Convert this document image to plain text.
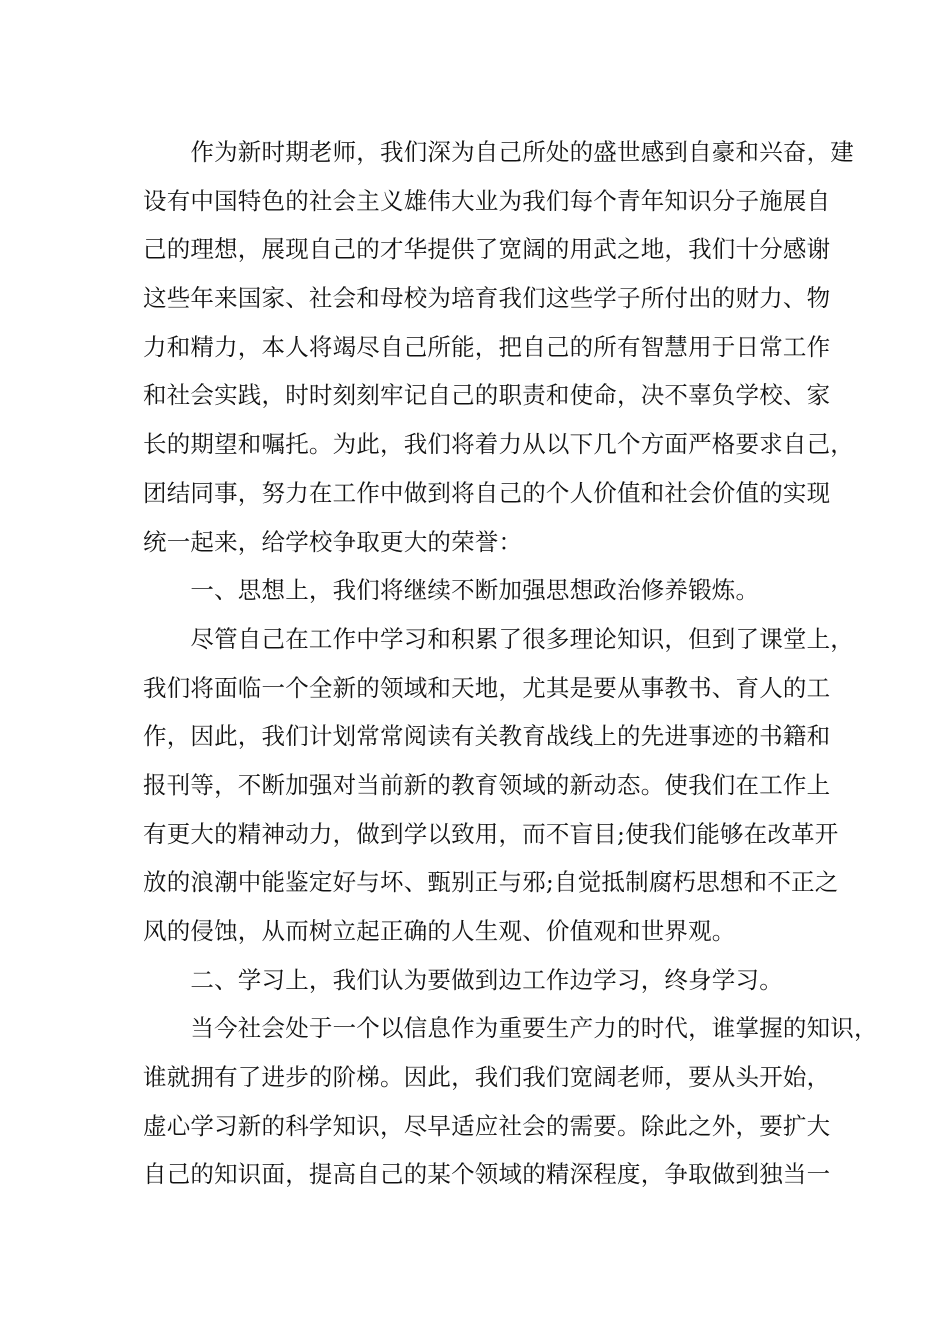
　　作为新时期老师，我们深为自己所处的盛世感到自豪和兴奋，建
设有中国特色的社会主义雄伟大业为我们每个青年知识分子施展自
己的理想，展现自己的才华提供了宽阔的用武之地，我们十分感谢
这些年来国家、社会和母校为培育我们这些学子所付出的财力、物
力和精力，本人将竭尽自己所能，把自己的所有智慧用于日常工作
和社会实践，时时刻刻牢记自己的职责和使命，决不辜负学校、家
长的期望和嘱托。为此，我们将着力从以下几个方面严格要求自己，
团结同事，努力在工作中做到将自己的个人价值和社会价值的实现
统一起来，给学校争取更大的荣誉：
　　一、思想上，我们将继续不断加强思想政治修养锻炼。
　　尽管自己在工作中学习和积累了很多理论知识，但到了课堂上，
我们将面临一个全新的领域和天地，尤其是要从事教书、育人的工
作，因此，我们计划常常阅读有关教育战线上的先进事迹的书籍和
报刊等，不断加强对当前新的教育领域的新动态。使我们在工作上
有更大的精神动力，做到学以致用，而不盲目;使我们能够在改革开
放的浪潮中能鉴定好与坏、甄别正与邪;自觉抵制腐朽思想和不正之
风的侵蚀，从而树立起正确的人生观、价值观和世界观。
　　二、学习上，我们认为要做到边工作边学习，终身学习。
　　当今社会处于一个以信息作为重要生产力的时代，谁掌握的知识，
谁就拥有了进步的阶梯。因此，我们我们宽阔老师，要从头开始，
虚心学习新的科学知识，尽早适应社会的需要。除此之外，要扩大
自己的知识面，提高自己的某个领域的精深程度，争取做到独当一
